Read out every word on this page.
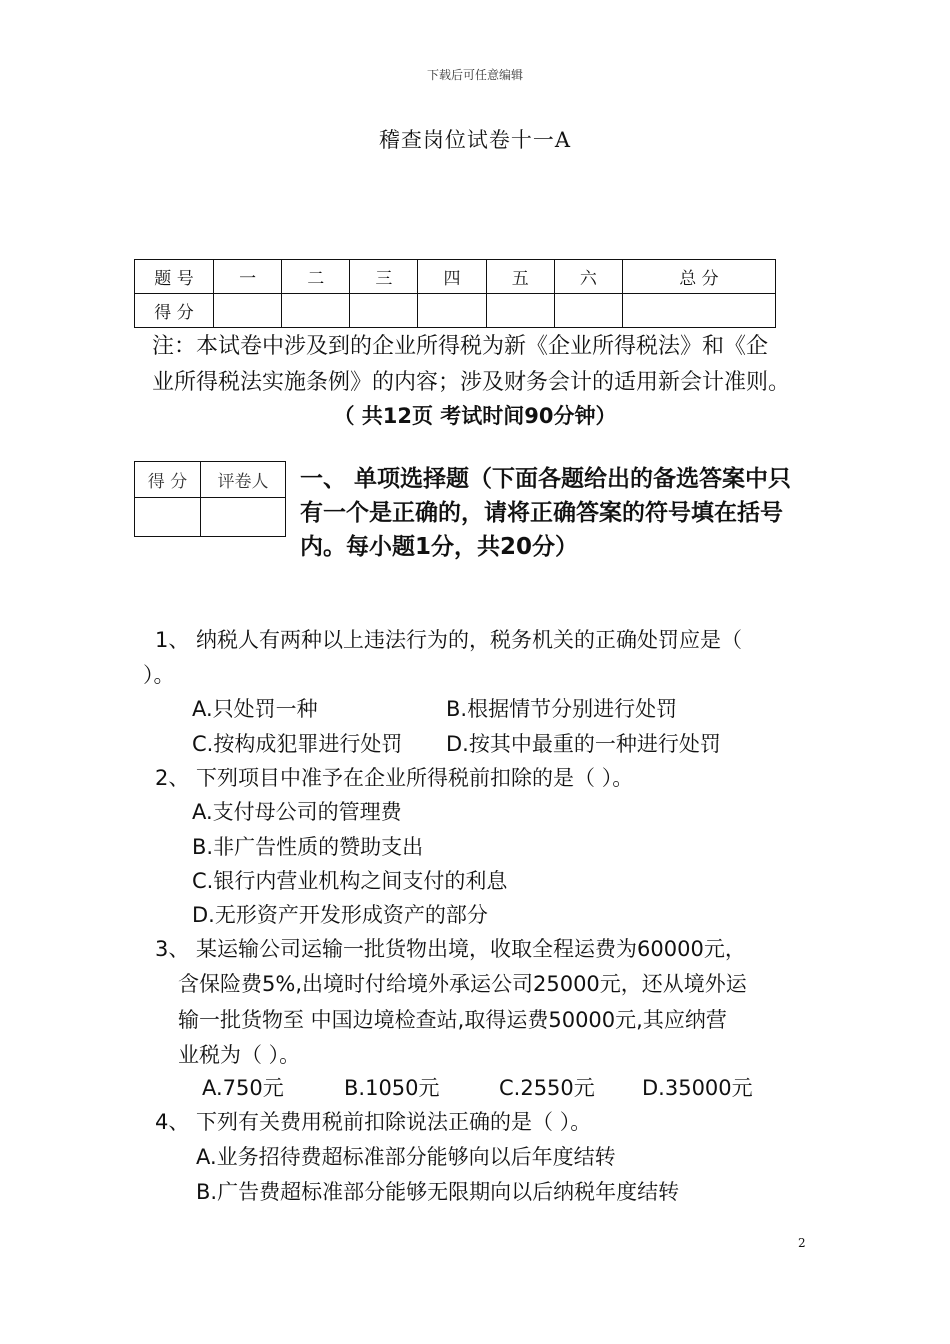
下载后可任意编辑
稽查岗位试卷十一A
题 号	一	二	三	四	五	六	总 分
得 分							
注：本试卷中涉及到的企业所得税为新《企业所得税法》和《企
业所得税法实施条例》的内容；涉及财务会计的适用新会计准则。
（ 共12页 考试时间90分钟）
得 分	评卷人
	一、 单项选择题（下面各题给出的备选答案中只
有一个是正确的，请将正确答案的符号填在括号
内。每小题1分，共20分）
1、 纳税人有两种以上违法行为的，税务机关的正确处罚应是（
）。
A.只处罚一种	B.根据情节分别进行处罚
C.按构成犯罪进行处罚 D.按其中最重的一种进行处罚
2、 下列项目中准予在企业所得税前扣除的是（ ）。
A.支付母公司的管理费
B.非广告性质的赞助支出
C.银行内营业机构之间支付的利息
D.无形资产开发形成资产的部分
3、 某运输公司运输一批货物出境，收取全程运费为60000元，
含保险费5%,出境时付给境外承运公司25000元，还从境外运
输一批货物至 中国边境检查站,取得运费50000元,其应纳营
业税为（ ）。
A.750元	B.1050元	C.2550元 D.35000元
4、 下列有关费用税前扣除说法正确的是（ ）。
A.业务招待费超标准部分能够向以后年度结转
B.广告费超标准部分能够无限期向以后纳税年度结转
2
